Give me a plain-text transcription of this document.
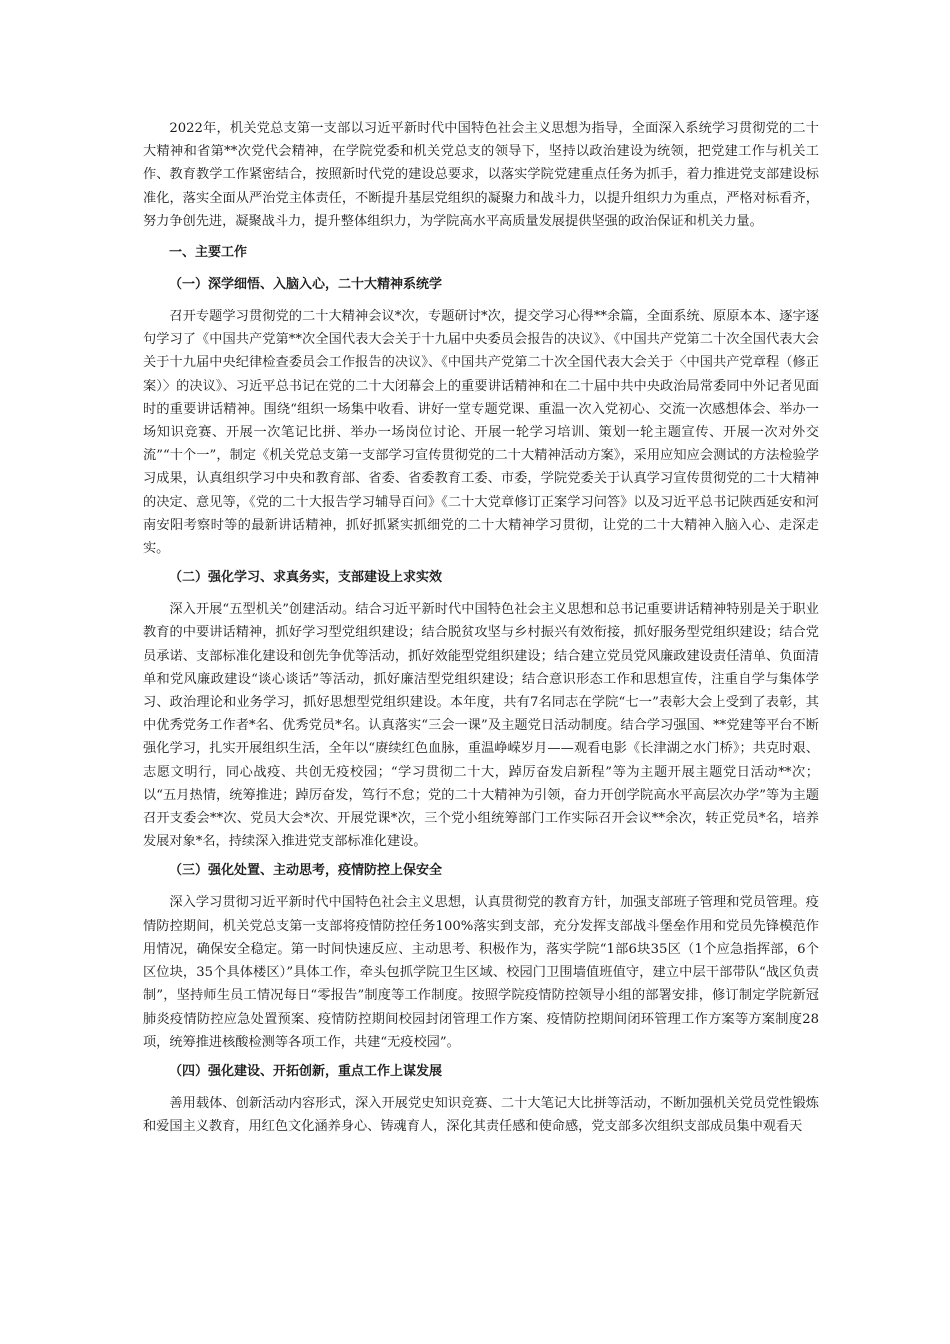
2022年，机关党总支第一支部以习近平新时代中国特色社会主义思想为指导，全面深入系统学习贯彻党的二十大精神和省第**次党代会精神，在学院党委和机关党总支的领导下，坚持以政治建设为统领，把党建工作与机关工作、教育教学工作紧密结合，按照新时代党的建设总要求，以落实学院党建重点任务为抓手，着力推进党支部建设标准化，落实全面从严治党主体责任，不断提升基层党组织的凝聚力和战斗力，以提升组织力为重点，严格对标看齐，努力争创先进，凝聚战斗力，提升整体组织力，为学院高水平高质量发展提供坚强的政治保证和机关力量。

一、主要工作
（一）深学细悟、入脑入心，二十大精神系统学

召开专题学习贯彻党的二十大精神会议*次，专题研讨*次，提交学习心得**余篇，全面系统、原原本本、逐字逐句学习了《中国共产党第**次全国代表大会关于十九届中央委员会报告的决议》、《中国共产党第二十次全国代表大会关于十九届中央纪律检查委员会工作报告的决议》、《中国共产党第二十次全国代表大会关于〈中国共产党章程（修正案）〉的决议》、习近平总书记在党的二十大闭幕会上的重要讲话精神和在二十届中共中央政治局常委同中外记者见面时的重要讲话精神。围绕“组织一场集中收看、讲好一堂专题党课、重温一次入党初心、交流一次感想体会、举办一场知识竞赛、开展一次笔记比拼、举办一场岗位讨论、开展一轮学习培训、策划一轮主题宣传、开展一次对外交流”“十个一”，制定《机关党总支第一支部学习宣传贯彻党的二十大精神活动方案》，采用应知应会测试的方法检验学习成果，认真组织学习中央和教育部、省委、省委教育工委、市委，学院党委关于认真学习宣传贯彻党的二十大精神的决定、意见等，《党的二十大报告学习辅导百问》《二十大党章修订正案学习问答》以及习近平总书记陕西延安和河南安阳考察时等的最新讲话精神，抓好抓紧实抓细党的二十大精神学习贯彻，让党的二十大精神入脑入心、走深走实。

（二）强化学习、求真务实，支部建设上求实效

深入开展“五型机关”创建活动。结合习近平新时代中国特色社会主义思想和总书记重要讲话精神特别是关于职业教育的中要讲话精神，抓好学习型党组织建设；结合脱贫攻坚与乡村振兴有效衔接，抓好服务型党组织建设；结合党员承诺、支部标准化建设和创先争优等活动，抓好效能型党组织建设；结合建立党员党风廉政建设责任清单、负面清单和党风廉政建设“谈心谈话”等活动，抓好廉洁型党组织建设；结合意识形态工作和思想宣传，注重自学与集体学习、政治理论和业务学习，抓好思想型党组织建设。本年度，共有7名同志在学院“七一”表彰大会上受到了表彰，其中优秀党务工作者*名、优秀党员*名。认真落实“三会一课”及主题党日活动制度。结合学习强国、**党建等平台不断强化学习，扎实开展组织生活，全年以“赓续红色血脉，重温峥嵘岁月——观看电影《长津湖之水门桥》；共克时艰、志愿文明行，同心战疫、共创无疫校园；“学习贯彻二十大，踔厉奋发启新程”等为主题开展主题党日活动**次；以“五月热情，统筹推进；踔厉奋发，笃行不怠；党的二十大精神为引领，奋力开创学院高水平高层次办学”等为主题召开支委会**次、党员大会*次、开展党课*次，三个党小组统筹部门工作实际召开会议**余次，转正党员*名，培养发展对象*名，持续深入推进党支部标准化建设。

（三）强化处置、主动思考，疫情防控上保安全

深入学习贯彻习近平新时代中国特色社会主义思想，认真贯彻党的教育方针，加强支部班子管理和党员管理。疫情防控期间，机关党总支第一支部将疫情防控任务100%落实到支部，充分发挥支部战斗堡垒作用和党员先锋模范作用情况，确保安全稳定。第一时间快速反应、主动思考、积极作为，落实学院“1部6块35区（1个应急指挥部，6个区位块，35个具体楼区）”具体工作，牵头包抓学院卫生区域、校园门卫围墙值班值守，建立中层干部带队“战区负责制”，坚持师生员工情况每日“零报告”制度等工作制度。按照学院疫情防控领导小组的部署安排，修订制定学院新冠肺炎疫情防控应急处置预案、疫情防控期间校园封闭管理工作方案、疫情防控期间闭环管理工作方案等方案制度28项，统筹推进核酸检测等各项工作，共建“无疫校园”。

（四）强化建设、开拓创新，重点工作上谋发展

善用载体、创新活动内容形式，深入开展党史知识竞赛、二十大笔记大比拼等活动，不断加强机关党员党性锻炼和爱国主义教育，用红色文化涵养身心、铸魂育人，深化其责任感和使命感，党支部多次组织支部成员集中观看天
